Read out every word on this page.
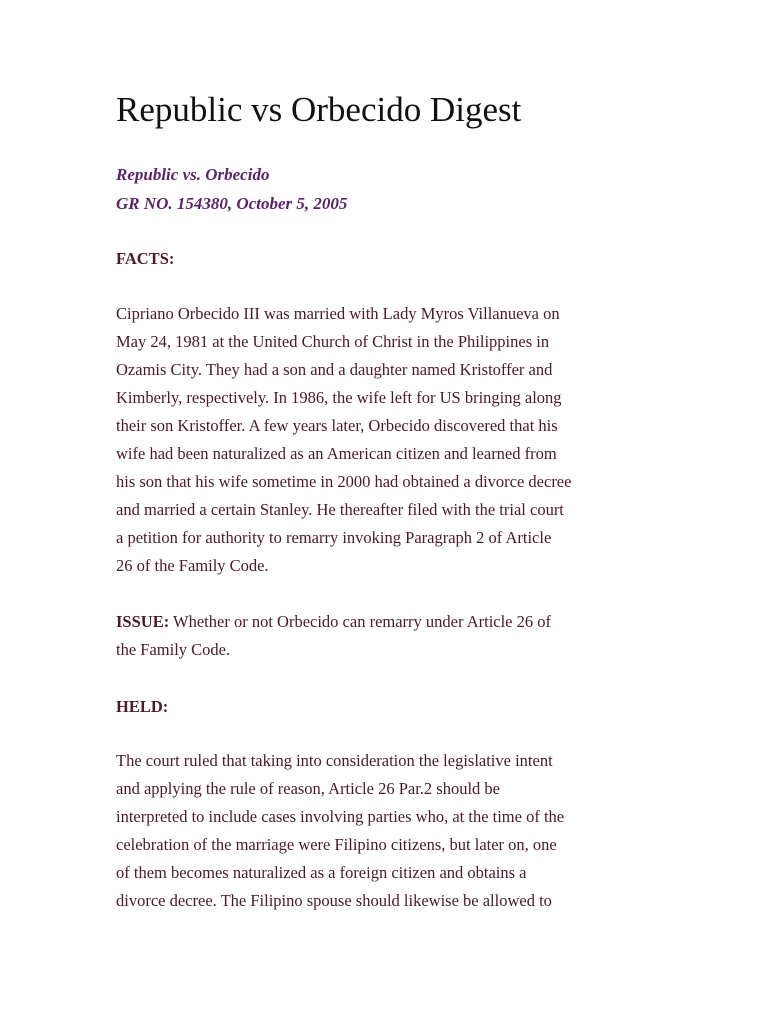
Republic vs Orbecido Digest

Republic vs. Orbecido

GR NO. 154380, October 5, 2005

FACTS:

Cipriano Orbecido III was married with Lady Myros Villanueva on
May 24, 1981 at the United Church of Christ in the Philippines in
Ozamis City. They had a son and a daughter named Kristoffer and
Kimberly, respectively. In 1986, the wife left for US bringing along
their son Kristoffer. A few years later, Orbecido discovered that his
wife had been naturalized as an American citizen and learned from
his son that his wife sometime in 2000 had obtained a divorce decree
and married a certain Stanley. He thereafter filed with the trial court
a petition for authority to remarry invoking Paragraph 2 of Article
26 of the Family Code.

ISSUE: Whether or not Orbecido can remarry under Article 26 of
the Family Code.

HELD:

The court ruled that taking into consideration the legislative intent
and applying the rule of reason, Article 26 Par.2 should be
interpreted to include cases involving parties who, at the time of the
celebration of the marriage were Filipino citizens, but later on, one
of them becomes naturalized as a foreign citizen and obtains a
divorce decree. The Filipino spouse should likewise be allowed to
